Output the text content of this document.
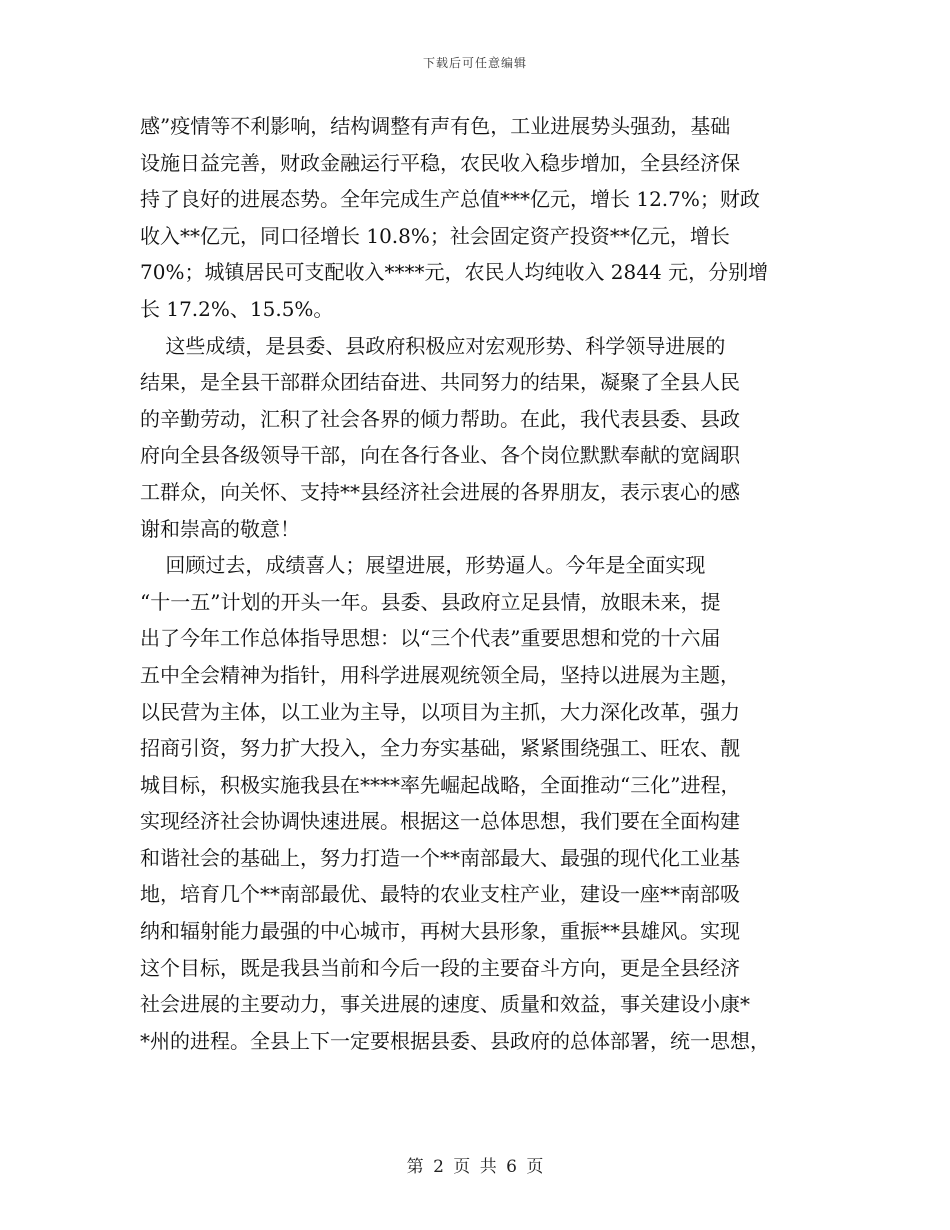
下载后可任意编辑
感”疫情等不利影响，结构调整有声有色，工业进展势头强劲，基础
设施日益完善，财政金融运行平稳，农民收入稳步增加，全县经济保
持了良好的进展态势。全年完成生产总值***亿元，增长 12.7%；财政
收入**亿元，同口径增长 10.8%；社会固定资产投资**亿元，增长
70%；城镇居民可支配收入****元，农民人均纯收入 2844 元，分别增
长 17.2%、15.5%。
这些成绩，是县委、县政府积极应对宏观形势、科学领导进展的
结果，是全县干部群众团结奋进、共同努力的结果，凝聚了全县人民
的辛勤劳动，汇积了社会各界的倾力帮助。在此，我代表县委、县政
府向全县各级领导干部，向在各行各业、各个岗位默默奉献的宽阔职
工群众，向关怀、支持**县经济社会进展的各界朋友，表示衷心的感
谢和崇高的敬意！
回顾过去，成绩喜人；展望进展，形势逼人。今年是全面实现
“十一五”计划的开头一年。县委、县政府立足县情，放眼未来，提
出了今年工作总体指导思想：以“三个代表”重要思想和党的十六届
五中全会精神为指针，用科学进展观统领全局，坚持以进展为主题，
以民营为主体，以工业为主导，以项目为主抓，大力深化改革，强力
招商引资，努力扩大投入，全力夯实基础，紧紧围绕强工、旺农、靓
城目标，积极实施我县在****率先崛起战略，全面推动“三化”进程，
实现经济社会协调快速进展。根据这一总体思想，我们要在全面构建
和谐社会的基础上，努力打造一个**南部最大、最强的现代化工业基
地，培育几个**南部最优、最特的农业支柱产业，建设一座**南部吸
纳和辐射能力最强的中心城市，再树大县形象，重振**县雄风。实现
这个目标，既是我县当前和今后一段的主要奋斗方向，更是全县经济
社会进展的主要动力，事关进展的速度、质量和效益，事关建设小康*
*州的进程。全县上下一定要根据县委、县政府的总体部署，统一思想，
第 2 页 共 6 页
